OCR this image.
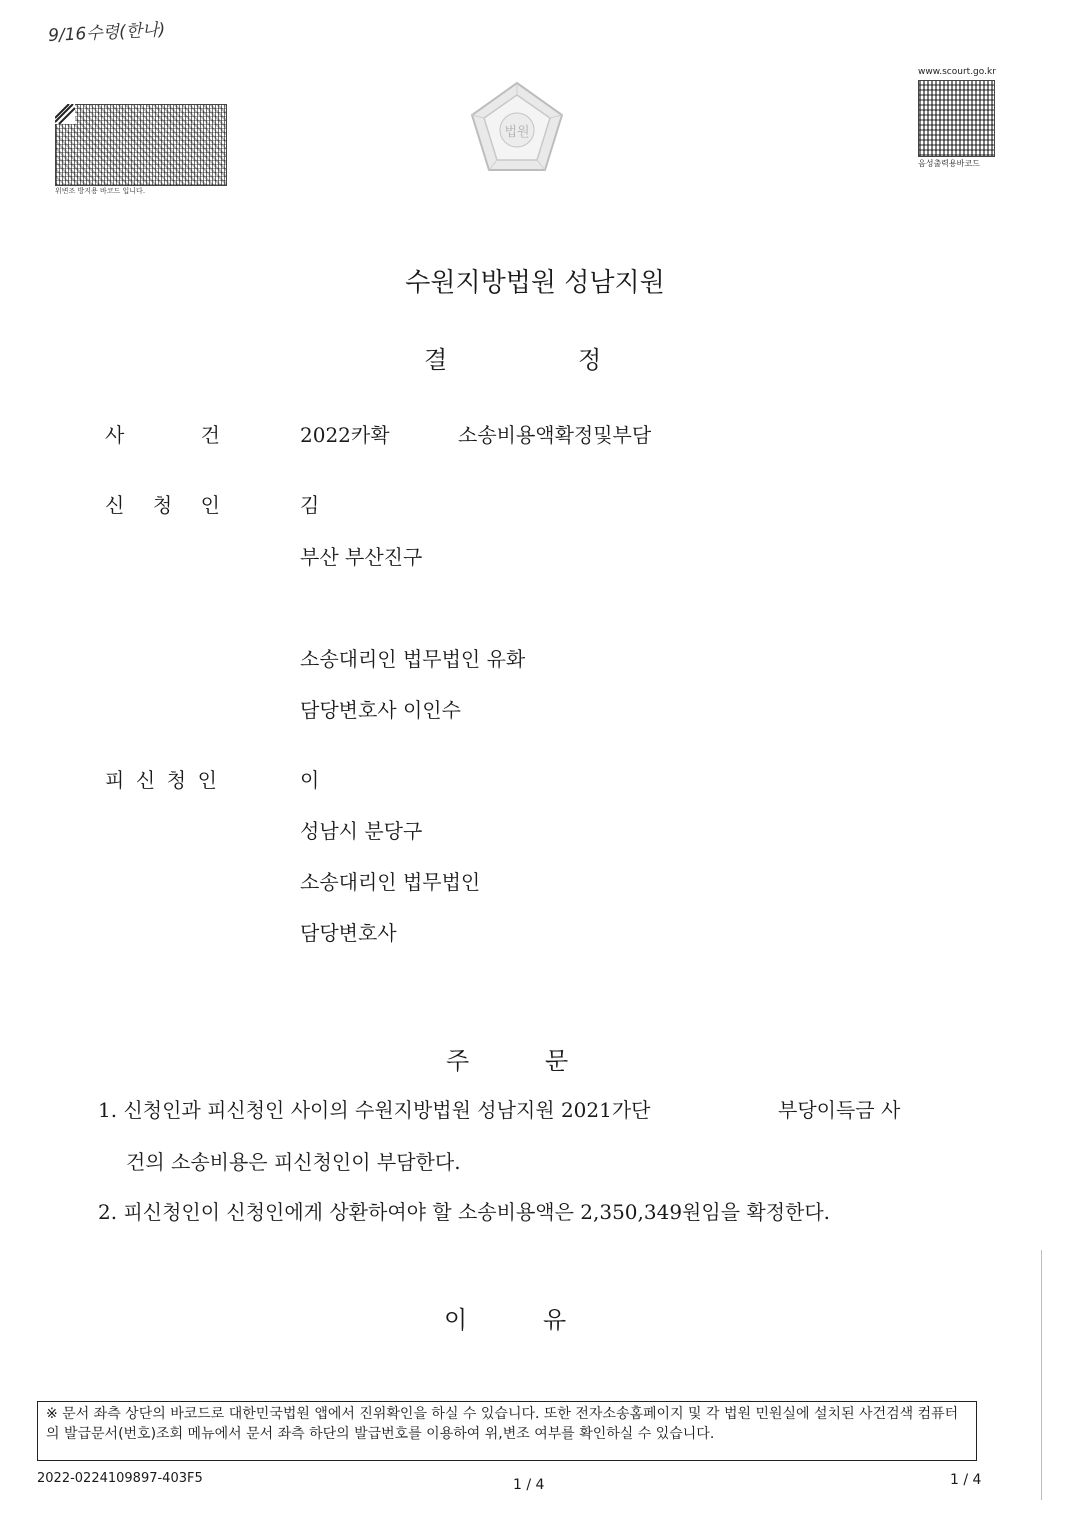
9/16수령(한나)
위변조 방지용 바코드 입니다.
법원
www.scourt.go.kr
음성출력용바코드
수원지방법원 성남지원
결	정
사	건	2022카확	소송비용액확정및부담
신 청 인	김
부산 부산진구
소송대리인 법무법인 유화
담당변호사 이인수
피 신 청 인	이
성남시 분당구
소송대리인 법무법인
담당변호사
주	문
1. 신청인과 피신청인 사이의 수원지방법원 성남지원 2021가단	부당이득금 사
건의 소송비용은 피신청인이 부담한다.
2. 피신청인이 신청인에게 상환하여야 할 소송비용액은 2,350,349원임을 확정한다.
이	유
※ 문서 좌측 상단의 바코드로 대한민국법원 앱에서 진위확인을 하실 수 있습니다. 또한 전자소송홈페이지 및 각 법원 민원실에 설치된 사건검색 컴퓨터의 발급문서(번호)조회 메뉴에서 문서 좌측 하단의 발급번호를 이용하여 위,변조 여부를 확인하실 수 있습니다.
2022-0224109897-403F5	1 / 4	1 / 4
